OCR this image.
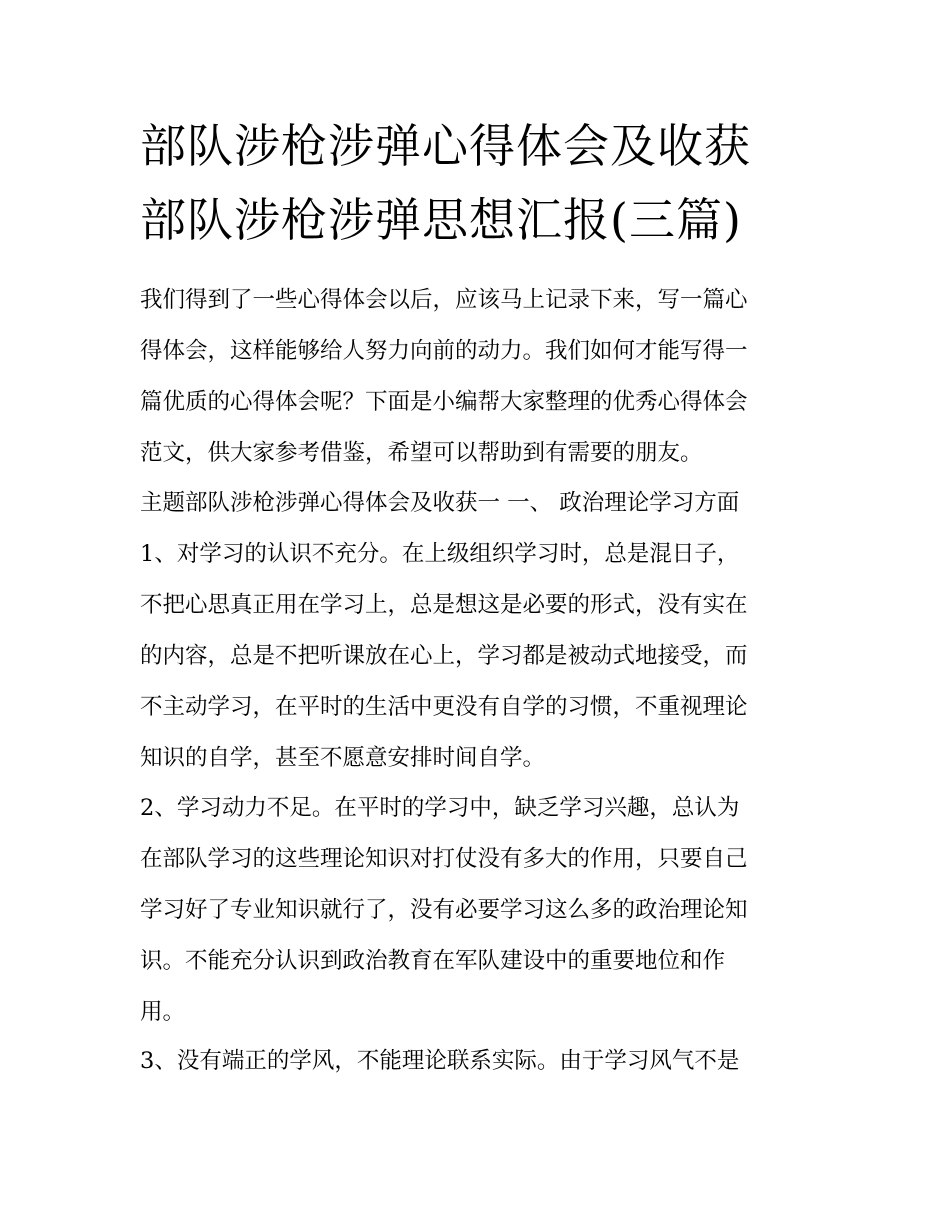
部队涉枪涉弹心得体会及收获
部队涉枪涉弹思想汇报(三篇)
我们得到了一些心得体会以后，应该马上记录下来，写一篇心
得体会，这样能够给人努力向前的动力。我们如何才能写得一
篇优质的心得体会呢？下面是小编帮大家整理的优秀心得体会
范文，供大家参考借鉴，希望可以帮助到有需要的朋友。
主题部队涉枪涉弹心得体会及收获一 一、 政治理论学习方面
1、对学习的认识不充分。在上级组织学习时，总是混日子，
不把心思真正用在学习上，总是想这是必要的形式，没有实在
的内容，总是不把听课放在心上，学习都是被动式地接受，而
不主动学习，在平时的生活中更没有自学的习惯，不重视理论
知识的自学，甚至不愿意安排时间自学。
2、学习动力不足。在平时的学习中，缺乏学习兴趣，总认为
在部队学习的这些理论知识对打仗没有多大的作用，只要自己
学习好了专业知识就行了，没有必要学习这么多的政治理论知
识。不能充分认识到政治教育在军队建设中的重要地位和作
用。
3、没有端正的学风，不能理论联系实际。由于学习风气不是
